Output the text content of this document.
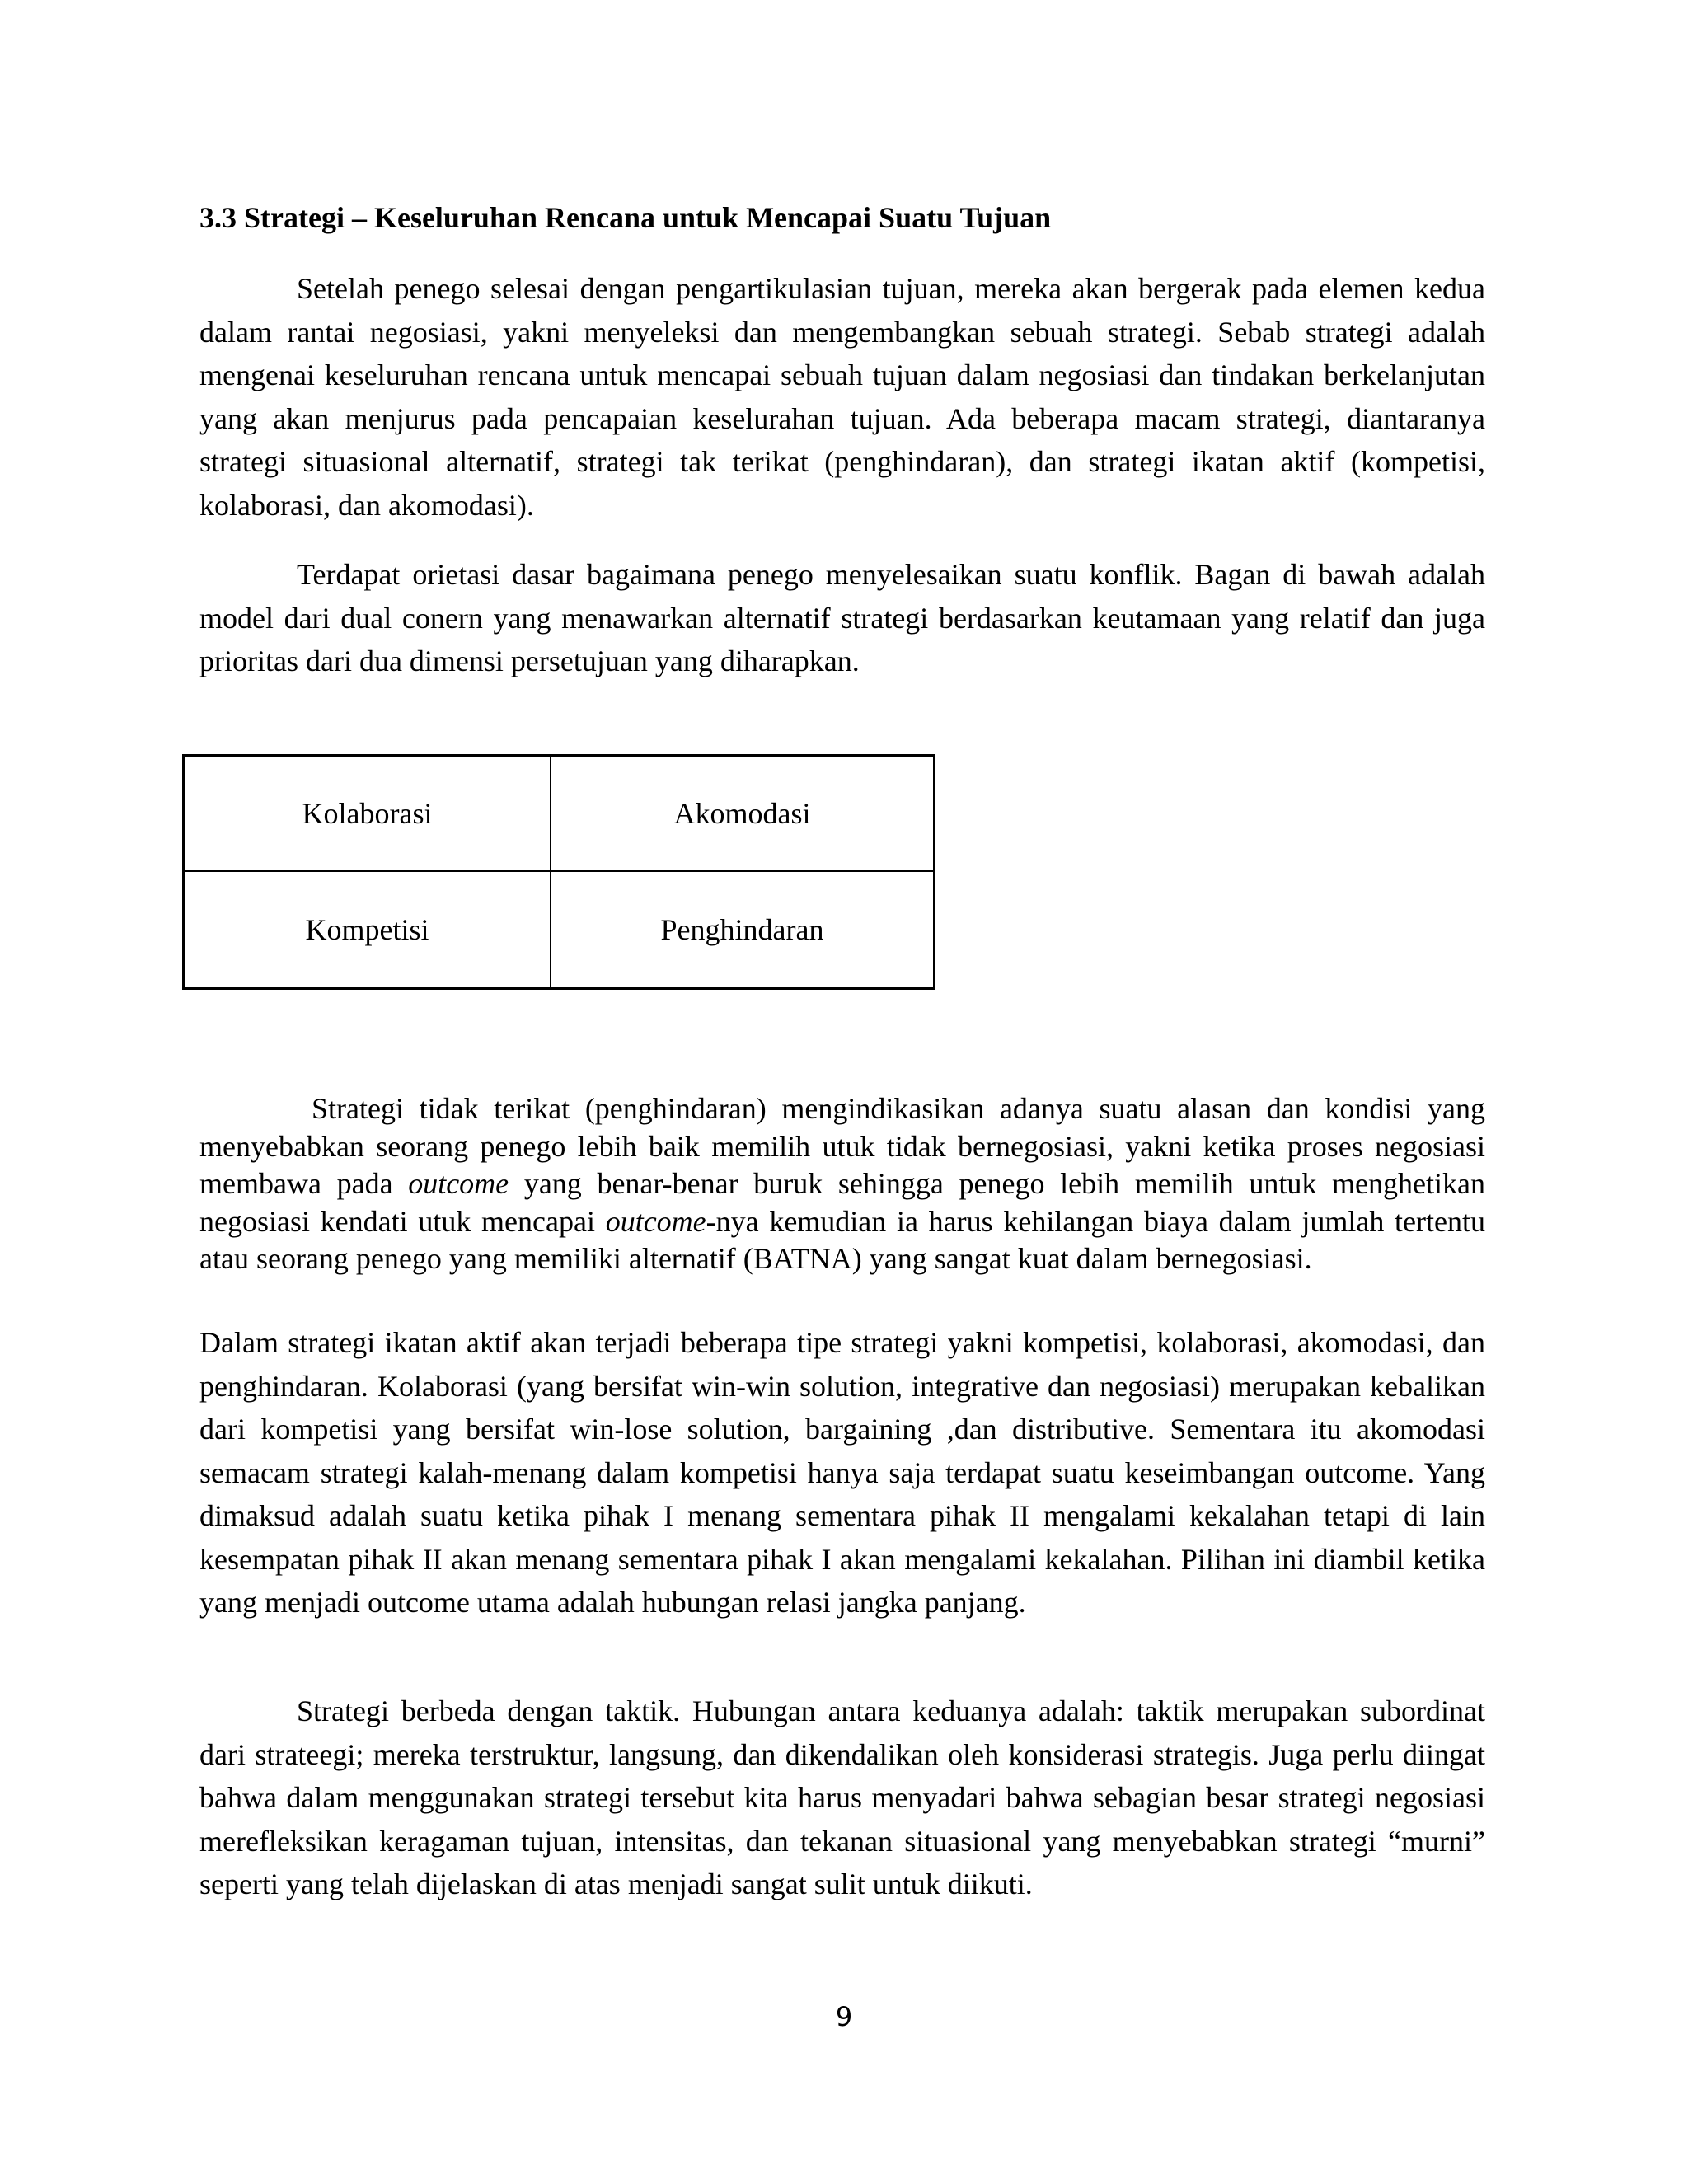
3.3 Strategi – Keseluruhan Rencana untuk Mencapai Suatu Tujuan

Setelah penego selesai dengan pengartikulasian tujuan, mereka akan bergerak pada elemen kedua dalam rantai negosiasi, yakni menyeleksi dan mengembangkan sebuah strategi. Sebab strategi adalah mengenai keseluruhan rencana untuk mencapai sebuah tujuan dalam negosiasi dan tindakan berkelanjutan yang akan menjurus pada pencapaian keselurahan tujuan. Ada beberapa macam strategi, diantaranya strategi situasional alternatif, strategi tak terikat (penghindaran), dan strategi ikatan aktif (kompetisi, kolaborasi, dan akomodasi).

Terdapat orietasi dasar bagaimana penego menyelesaikan suatu konflik. Bagan di bawah adalah model dari dual conern yang menawarkan alternatif strategi berdasarkan keutamaan yang relatif dan juga prioritas dari dua dimensi persetujuan yang diharapkan.

Kolaborasi	Akomodasi
Kompetisi	Penghindaran

Strategi tidak terikat (penghindaran) mengindikasikan adanya suatu alasan dan kondisi yang menyebabkan seorang penego lebih baik memilih utuk tidak bernegosiasi, yakni ketika proses negosiasi membawa pada outcome yang benar-benar buruk sehingga penego lebih memilih untuk menghetikan negosiasi kendati utuk mencapai outcome-nya kemudian ia harus kehilangan biaya dalam jumlah tertentu atau seorang penego yang memiliki alternatif (BATNA) yang sangat kuat dalam bernegosiasi.

Dalam strategi ikatan aktif akan terjadi beberapa tipe strategi yakni kompetisi, kolaborasi, akomodasi, dan penghindaran. Kolaborasi (yang bersifat win-win solution, integrative dan negosiasi) merupakan kebalikan dari kompetisi yang bersifat win-lose solution, bargaining ,dan distributive. Sementara itu akomodasi semacam strategi kalah-menang dalam kompetisi hanya saja terdapat suatu keseimbangan outcome. Yang dimaksud adalah suatu ketika pihak I menang sementara pihak II mengalami kekalahan tetapi di lain kesempatan pihak II akan menang sementara pihak I akan mengalami kekalahan. Pilihan ini diambil ketika yang menjadi outcome utama adalah hubungan relasi jangka panjang.

Strategi berbeda dengan taktik. Hubungan antara keduanya adalah: taktik merupakan subordinat dari strateegi; mereka terstruktur, langsung, dan dikendalikan oleh konsiderasi strategis. Juga perlu diingat bahwa dalam menggunakan strategi tersebut kita harus menyadari bahwa sebagian besar strategi negosiasi merefleksikan keragaman tujuan, intensitas, dan tekanan situasional yang menyebabkan strategi “murni” seperti yang telah dijelaskan di atas menjadi sangat sulit untuk diikuti.

9
